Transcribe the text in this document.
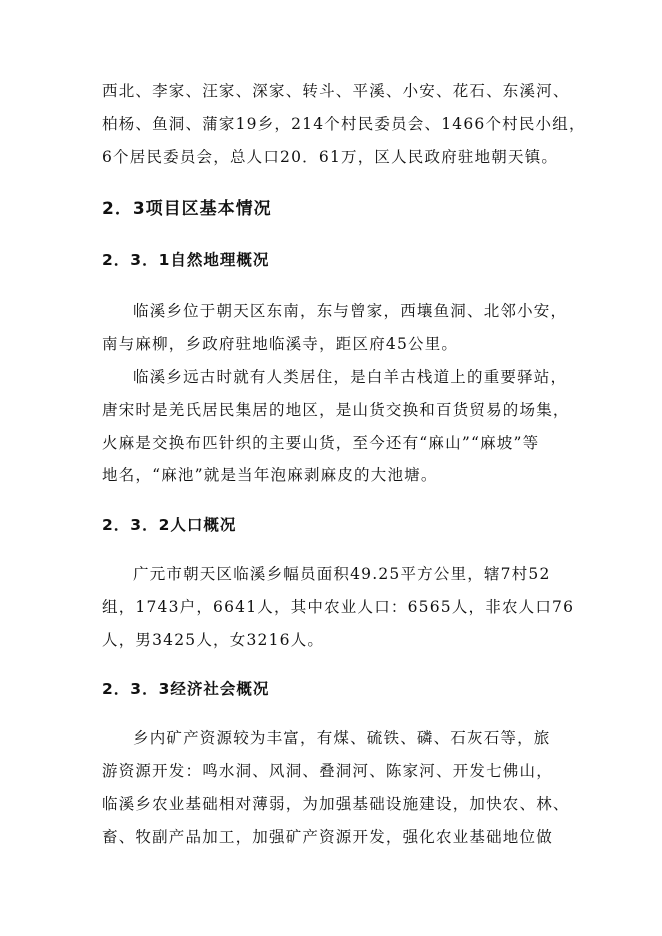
西北、李家、汪家、深家、转斗、平溪、小安、花石、东溪河、
柏杨、鱼洞、蒲家19乡，214个村民委员会、1466个村民小组，
6个居民委员会，总人口20．61万，区人民政府驻地朝天镇。
2．3项目区基本情况
2．3．1自然地理概况
临溪乡位于朝天区东南，东与曾家，西壤鱼洞、北邻小安，
南与麻柳，乡政府驻地临溪寺，距区府45公里。
临溪乡远古时就有人类居住，是白羊古栈道上的重要驿站，
唐宋时是羌氏居民集居的地区，是山货交换和百货贸易的场集，
火麻是交换布匹针织的主要山货，至今还有“麻山”“麻坡”等
地名，“麻池”就是当年泡麻剥麻皮的大池塘。
2．3．2人口概况
广元市朝天区临溪乡幅员面积49.25平方公里，辖7村52
组，1743户，6641人，其中农业人口：6565人，非农人口76
人，男3425人，女3216人。
2．3．3经济社会概况
乡内矿产资源较为丰富，有煤、硫铁、磷、石灰石等，旅
游资源开发：鸣水洞、风洞、叠洞河、陈家河、开发七佛山，
临溪乡农业基础相对薄弱，为加强基础设施建设，加快农、林、
畜、牧副产品加工，加强矿产资源开发，强化农业基础地位做
